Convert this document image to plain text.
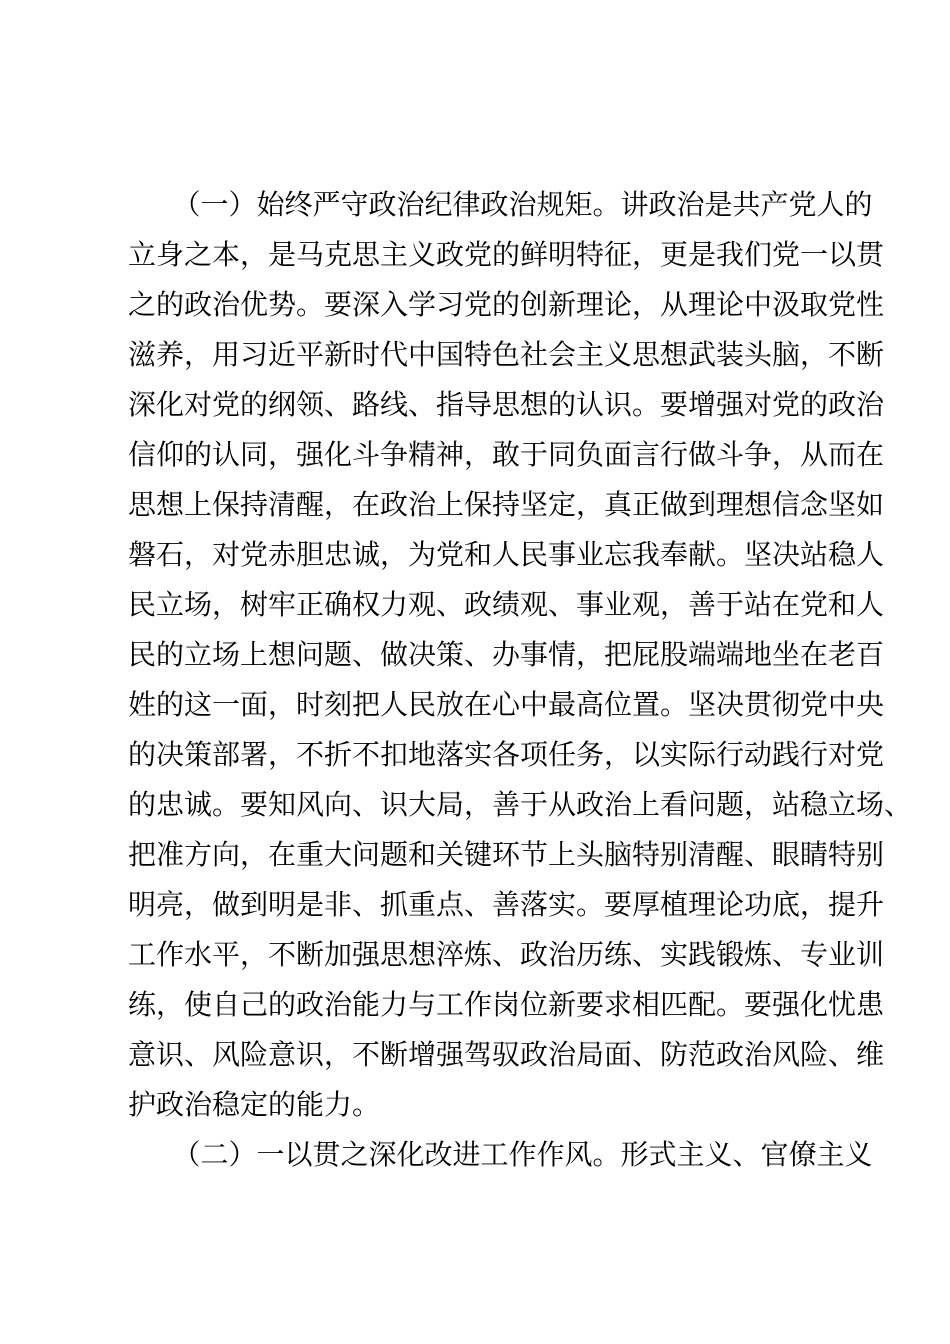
（一）始终严守政治纪律政治规矩。讲政治是共产党人的
立身之本，是马克思主义政党的鲜明特征，更是我们党一以贯
之的政治优势。要深入学习党的创新理论，从理论中汲取党性
滋养，用习近平新时代中国特色社会主义思想武装头脑，不断
深化对党的纲领、路线、指导思想的认识。要增强对党的政治
信仰的认同，强化斗争精神，敢于同负面言行做斗争，从而在
思想上保持清醒，在政治上保持坚定，真正做到理想信念坚如
磐石，对党赤胆忠诚，为党和人民事业忘我奉献。坚决站稳人
民立场，树牢正确权力观、政绩观、事业观，善于站在党和人
民的立场上想问题、做决策、办事情，把屁股端端地坐在老百
姓的这一面，时刻把人民放在心中最高位置。坚决贯彻党中央
的决策部署，不折不扣地落实各项任务，以实际行动践行对党
的忠诚。要知风向、识大局，善于从政治上看问题，站稳立场、
把准方向，在重大问题和关键环节上头脑特别清醒、眼睛特别
明亮，做到明是非、抓重点、善落实。要厚植理论功底，提升
工作水平，不断加强思想淬炼、政治历练、实践锻炼、专业训
练，使自己的政治能力与工作岗位新要求相匹配。要强化忧患
意识、风险意识，不断增强驾驭政治局面、防范政治风险、维
护政治稳定的能力。
（二）一以贯之深化改进工作作风。形式主义、官僚主义
